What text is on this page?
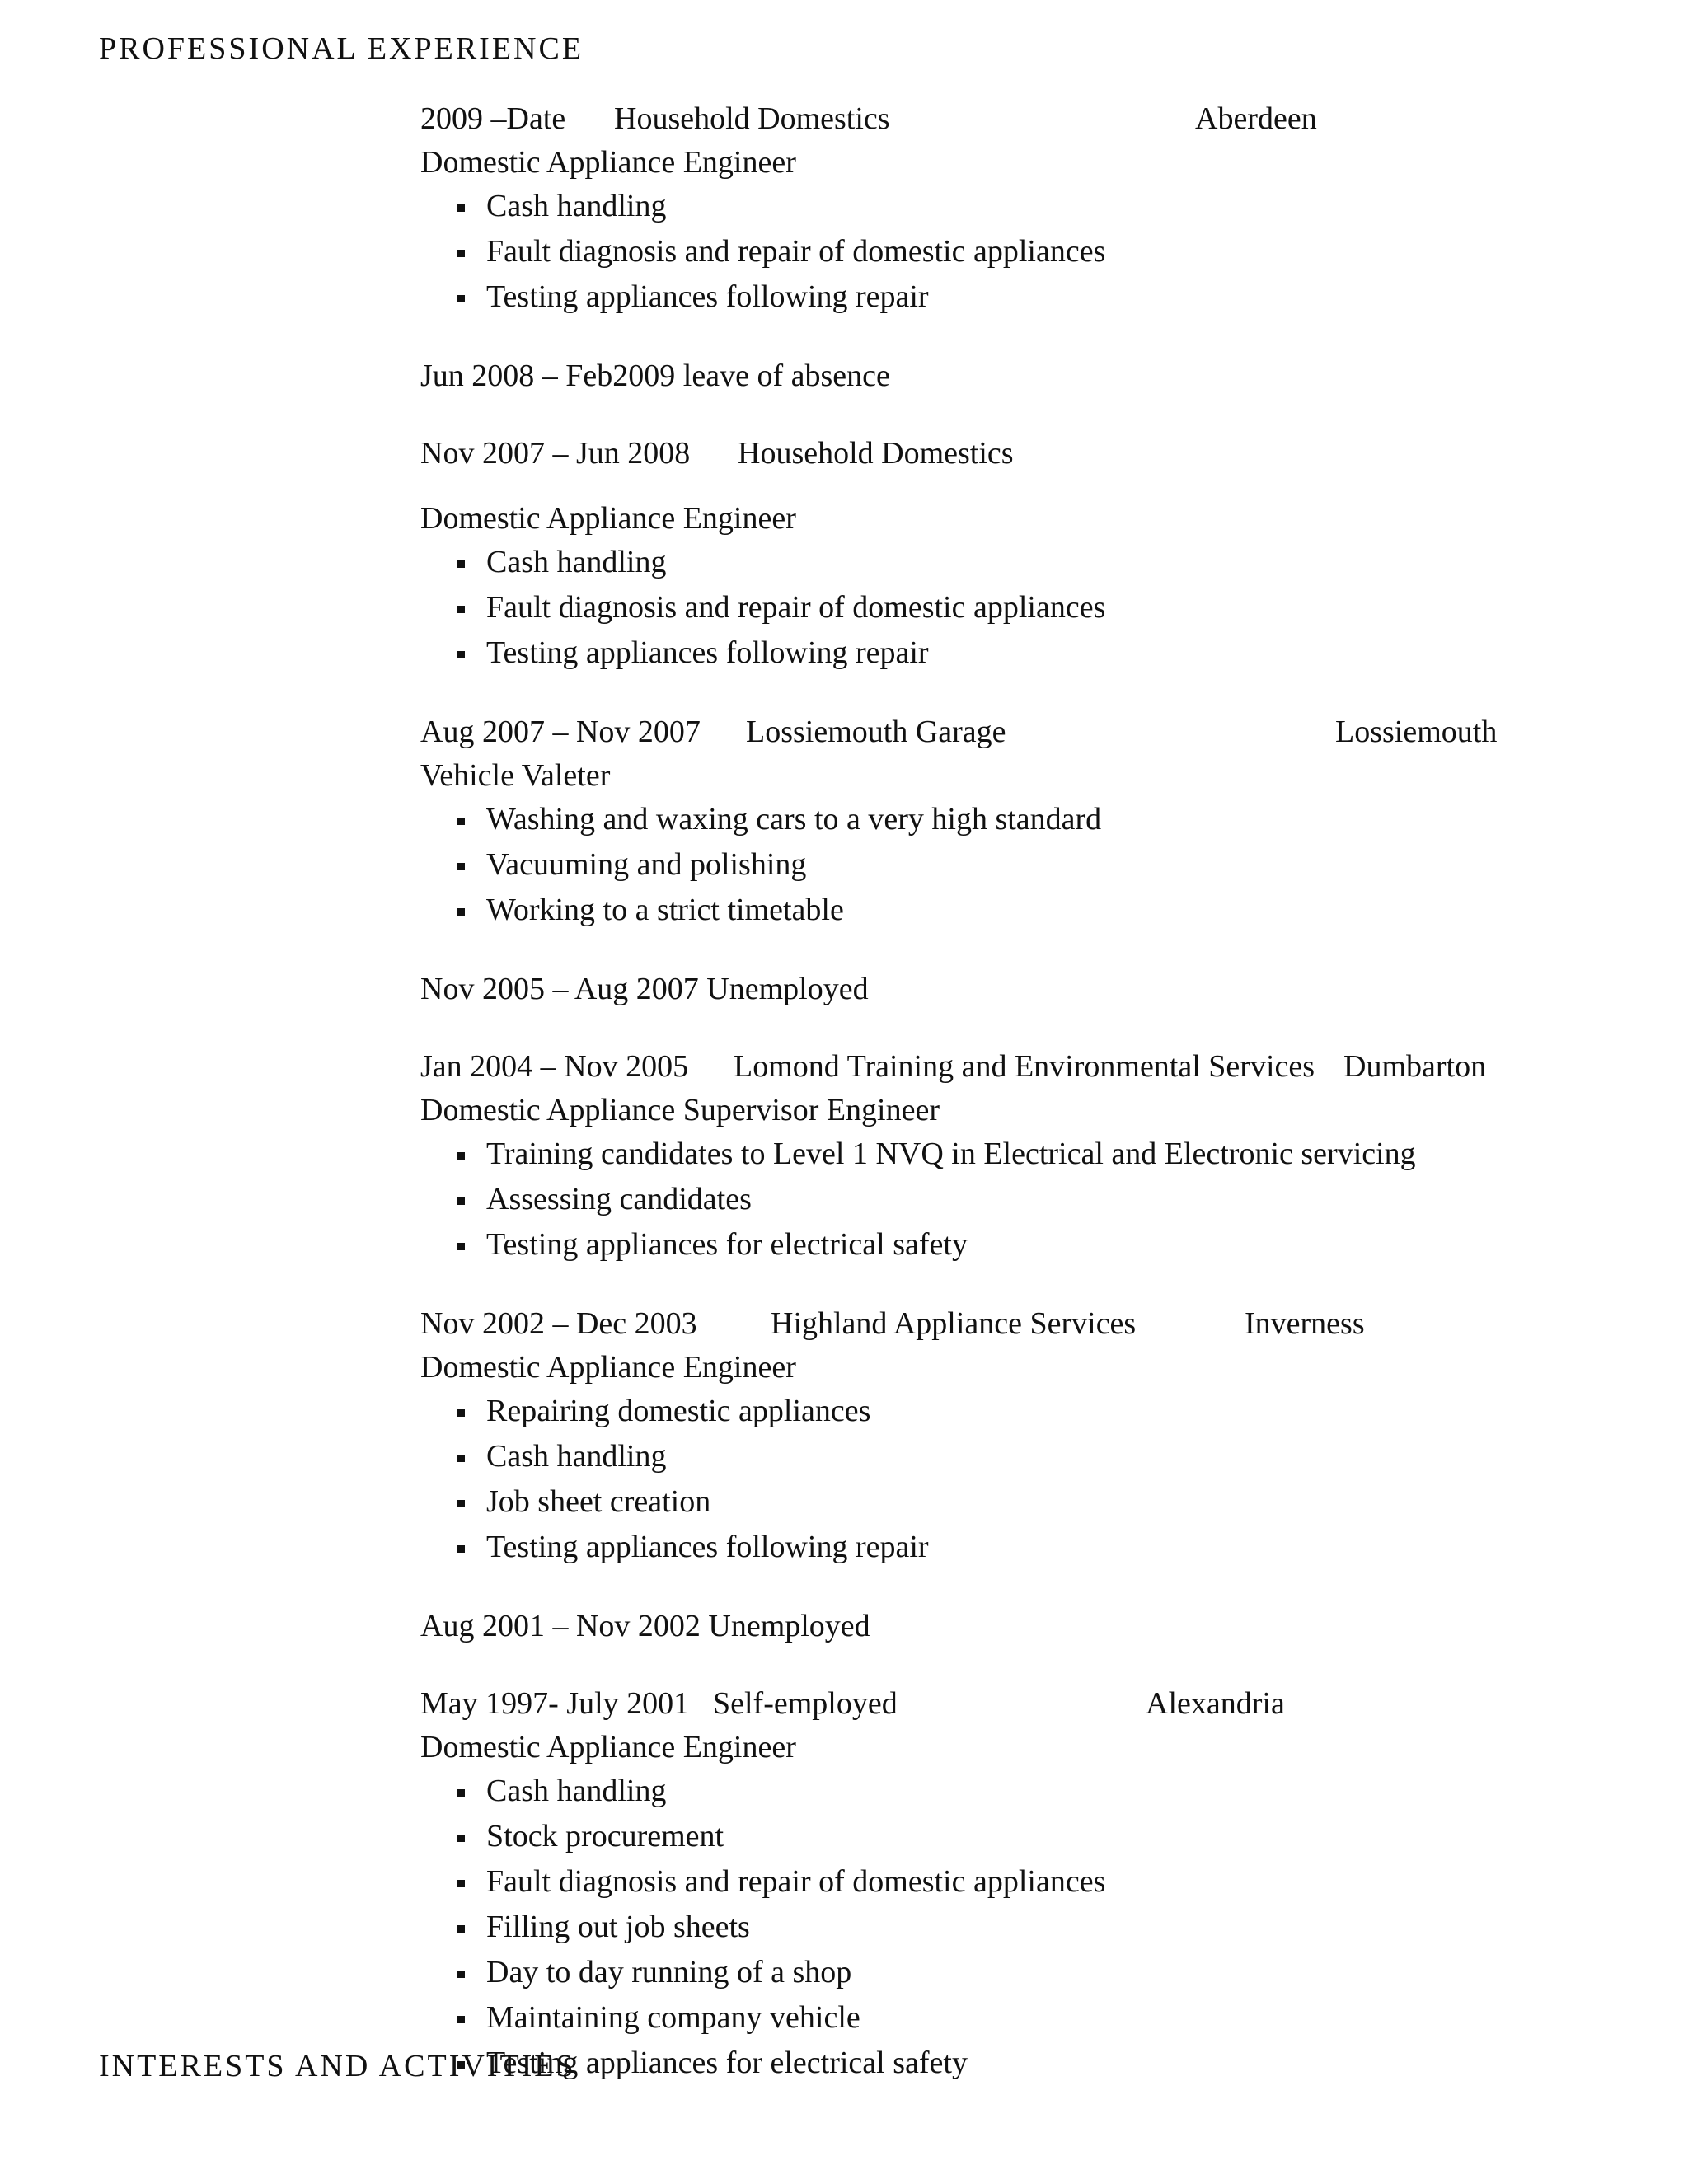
PROFESSIONAL EXPERIENCE
2009 –Date Household Domestics	Aberdeen
Domestic Appliance Engineer
Cash handling
Fault diagnosis and repair of domestic appliances
Testing appliances following repair
Jun 2008 – Feb2009 leave of absence
Nov 2007 – Jun 2008 Household Domestics
Domestic Appliance Engineer
Cash handling
Fault diagnosis and repair of domestic appliances
Testing appliances following repair
Aug 2007 – Nov 2007 Lossiemouth Garage	Lossiemouth
Vehicle Valeter
Washing and waxing cars to a very high standard
Vacuuming and polishing
Working to a strict timetable
Nov 2005 – Aug 2007 Unemployed
Jan 2004 – Nov 2005 Lomond Training and Environmental Services Dumbarton
Domestic Appliance Supervisor Engineer
Training candidates to Level 1 NVQ in Electrical and Electronic servicing
Assessing candidates
Testing appliances for electrical safety
Nov 2002 – Dec 2003 Highland Appliance Services	Inverness
Domestic Appliance Engineer
Repairing domestic appliances
Cash handling
Job sheet creation
Testing appliances following repair
Aug 2001 – Nov 2002 Unemployed
May 1997- July 2001 Self-employed	Alexandria
Domestic Appliance Engineer
Cash handling
Stock procurement
Fault diagnosis and repair of domestic appliances
Filling out job sheets
Day to day running of a shop
Maintaining company vehicle
Testing appliances for electrical safety
INTERESTS AND ACTIVITIES
